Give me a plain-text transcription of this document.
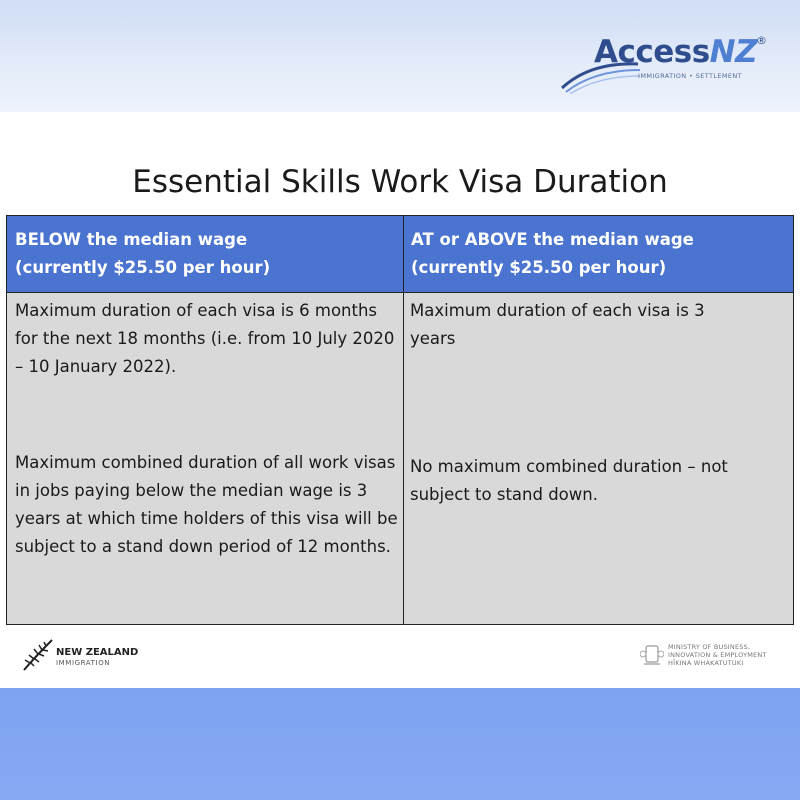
AccessNZ
®
IMMIGRATION • SETTLEMENT
Essential Skills Work Visa Duration
BELOW the median wage
(currently $25.50 per hour)
AT or ABOVE the median wage
(currently $25.50 per hour)
Maximum duration of each visa is 6 months for the next 18 months (i.e. from 10 July 2020 – 10 January 2022).
Maximum combined duration of all work visas in jobs paying below the median wage is 3 years at which time holders of this visa will be subject to a stand down period of 12 months.
Maximum duration of each visa is 3 years
No maximum combined duration – not subject to stand down.
NEW ZEALAND
IMMIGRATION
MINISTRY OF BUSINESS,
INNOVATION & EMPLOYMENT
HĪKINA WHAKATUTUKI
